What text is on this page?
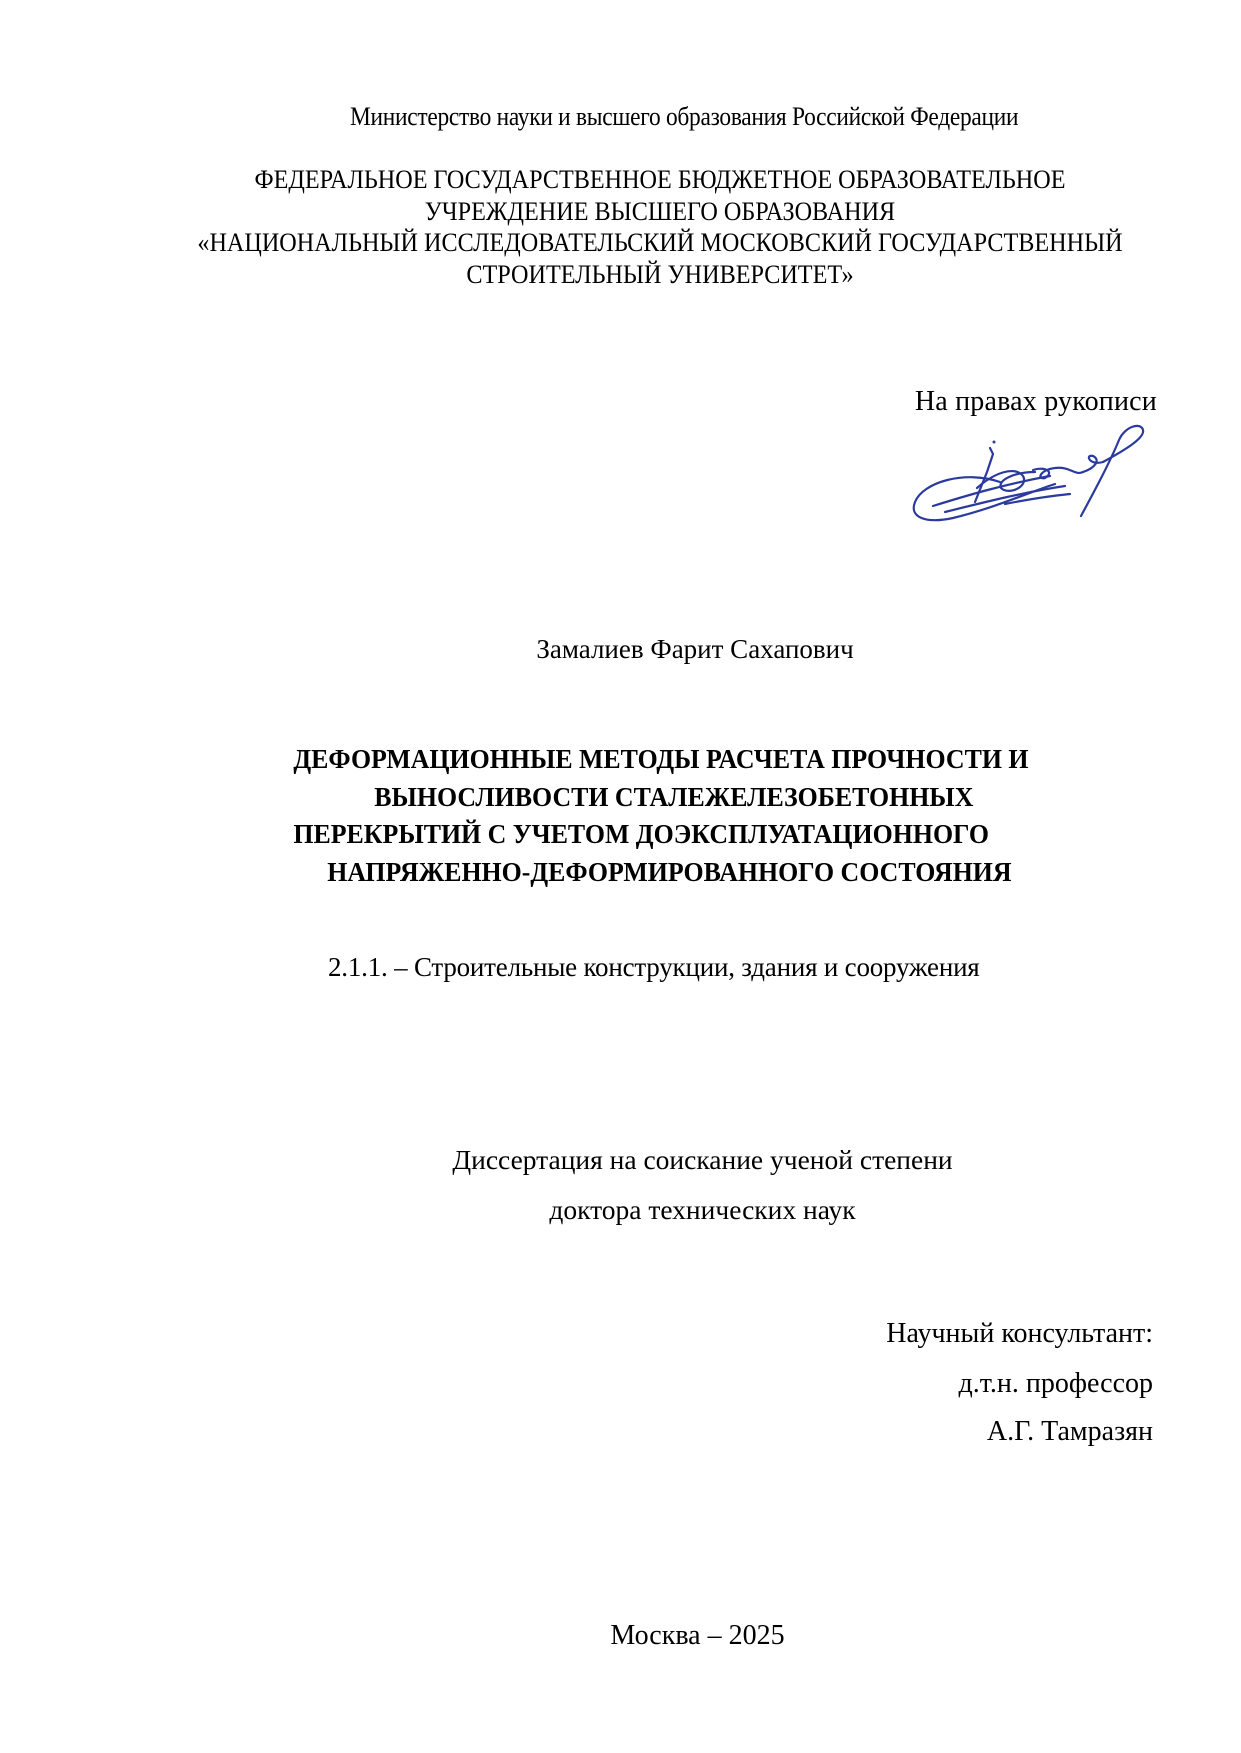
Министерство науки и высшего образования Российской Федерации
ФЕДЕРАЛЬНОЕ ГОСУДАРСТВЕННОЕ БЮДЖЕТНОЕ ОБРАЗОВАТЕЛЬНОЕ
УЧРЕЖДЕНИЕ ВЫСШЕГО ОБРАЗОВАНИЯ
«НАЦИОНАЛЬНЫЙ ИССЛЕДОВАТЕЛЬСКИЙ МОСКОВСКИЙ ГОСУДАРСТВЕННЫЙ
СТРОИТЕЛЬНЫЙ УНИВЕРСИТЕТ»
На правах рукописи
Замалиев Фарит Сахапович
ДЕФОРМАЦИОННЫЕ МЕТОДЫ РАСЧЕТА ПРОЧНОСТИ И
ВЫНОСЛИВОСТИ СТАЛЕЖЕЛЕЗОБЕТОННЫХ
ПЕРЕКРЫТИЙ С УЧЕТОМ ДОЭКСПЛУАТАЦИОННОГО
НАПРЯЖЕННО-ДЕФОРМИРОВАННОГО СОСТОЯНИЯ
2.1.1. – Строительные конструкции, здания и сооружения
Диссертация на соискание ученой степени
доктора технических наук
Научный консультант:
д.т.н. профессор
А.Г. Тамразян
Москва – 2025
